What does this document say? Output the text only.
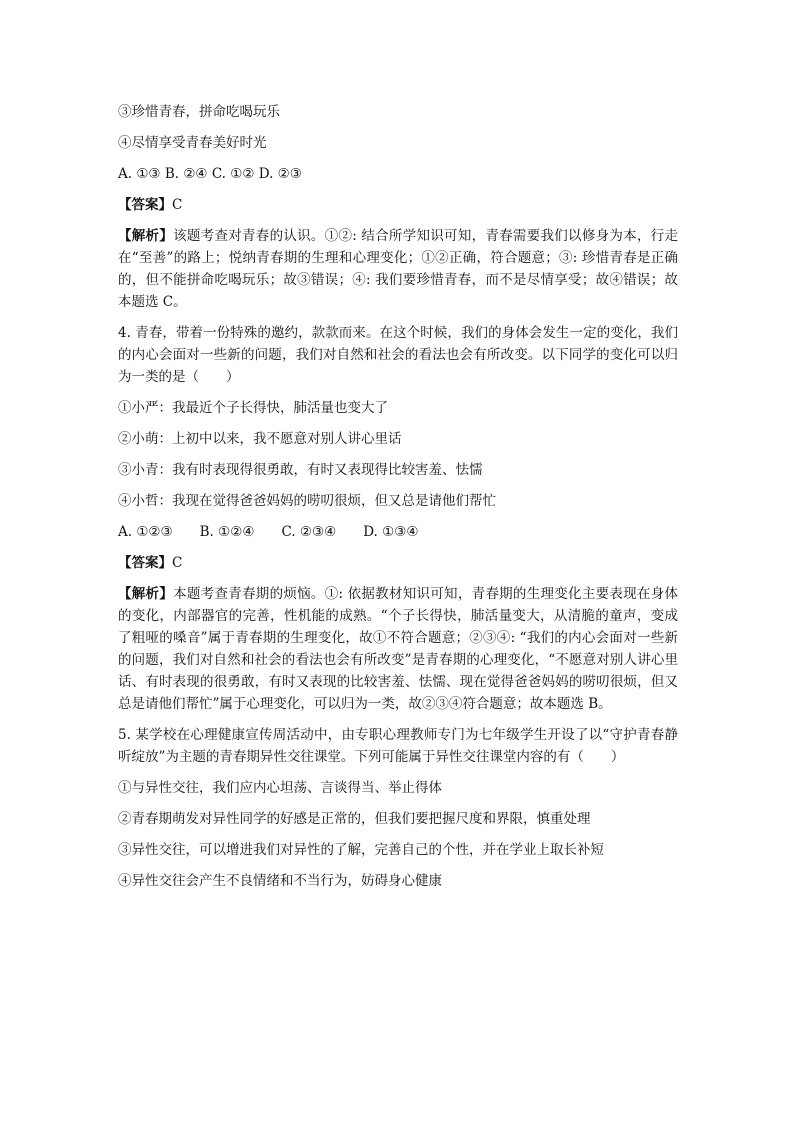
③珍惜青春，拼命吃喝玩乐

④尽情享受青春美好时光

A. ①③ B. ②④ C. ①② D. ②③

【答案】C

【解析】该题考查对青春的认识。①②: 结合所学知识可知，青春需要我们以修身为本，行走在“至善”的路上；悦纳青春期的生理和心理变化；①②正确，符合题意；③: 珍惜青春是正确的，但不能拼命吃喝玩乐；故③错误；④: 我们要珍惜青春，而不是尽情享受；故④错误；故本题选 C。

4. 青春，带着一份特殊的邀约，款款而来。在这个时候，我们的身体会发生一定的变化，我们的内心会面对一些新的问题，我们对自然和社会的看法也会有所改变。以下同学的变化可以归为一类的是（　　）

①小严：我最近个子长得快，肺活量也变大了

②小萌：上初中以来，我不愿意对别人讲心里话

③小青：我有时表现得很勇敢，有时又表现得比较害羞、怯懦

④小哲：我现在觉得爸爸妈妈的唠叨很烦，但又总是请他们帮忙

A. ①②③　　B. ①②④　　C. ②③④　　D. ①③④

【答案】C

【解析】本题考查青春期的烦恼。①: 依据教材知识可知，青春期的生理变化主要表现在身体的变化，内部器官的完善，性机能的成熟。“个子长得快，肺活量变大，从清脆的童声，变成了粗哑的嗓音”属于青春期的生理变化，故①不符合题意；②③④: “我们的内心会面对一些新的问题，我们对自然和社会的看法也会有所改变”是青春期的心理变化，“不愿意对别人讲心里话、有时表现的很勇敢，有时又表现的比较害羞、怯懦、现在觉得爸爸妈妈的唠叨很烦，但又总是请他们帮忙”属于心理变化，可以归为一类，故②③④符合题意；故本题选 B。

5. 某学校在心理健康宣传周活动中，由专职心理教师专门为七年级学生开设了以“守护青春静听绽放”为主题的青春期异性交往课堂。下列可能属于异性交往课堂内容的有（　　）

①与异性交往，我们应内心坦荡、言谈得当、举止得体

②青春期萌发对异性同学的好感是正常的，但我们要把握尺度和界限，慎重处理

③异性交往，可以增进我们对异性的了解，完善自己的个性，并在学业上取长补短

④异性交往会产生不良情绪和不当行为，妨碍身心健康
